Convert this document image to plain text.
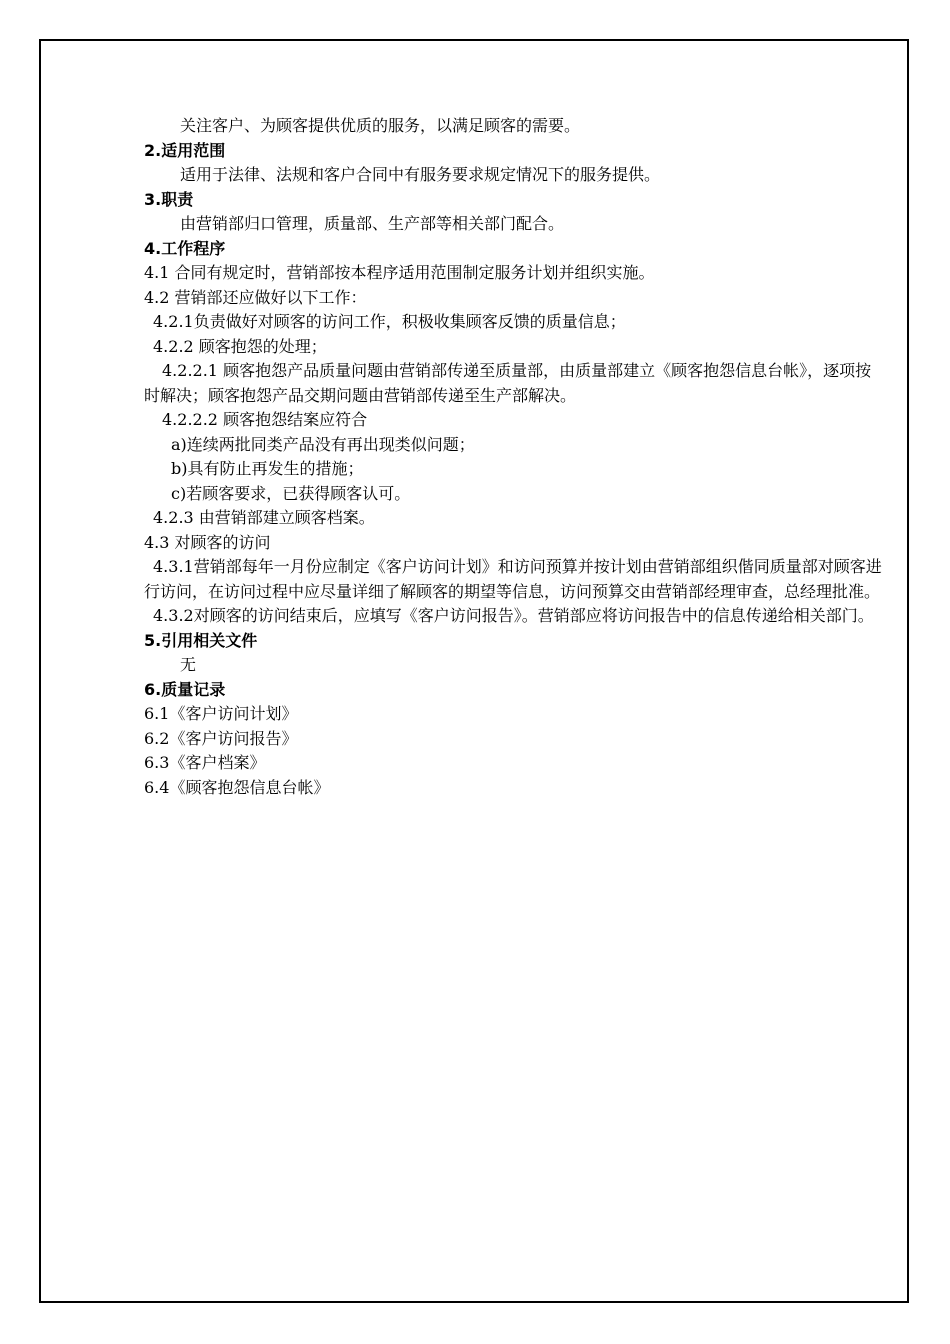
关注客户、为顾客提供优质的服务，以满足顾客的需要。
2.适用范围
适用于法律、法规和客户合同中有服务要求规定情况下的服务提供。
3.职责
由营销部归口管理，质量部、生产部等相关部门配合。
4.工作程序
4.1 合同有规定时，营销部按本程序适用范围制定服务计划并组织实施。
4.2 营销部还应做好以下工作：
4.2.1负责做好对顾客的访问工作，积极收集顾客反馈的质量信息；
4.2.2 顾客抱怨的处理；
4.2.2.1 顾客抱怨产品质量问题由营销部传递至质量部，由质量部建立《顾客抱怨信息台帐》，逐项按时解决；顾客抱怨产品交期问题由营销部传递至生产部解决。
4.2.2.2 顾客抱怨结案应符合
a)连续两批同类产品没有再出现类似问题；
b)具有防止再发生的措施；
c)若顾客要求，已获得顾客认可。
4.2.3 由营销部建立顾客档案。
4.3 对顾客的访问
4.3.1营销部每年一月份应制定《客户访问计划》和访问预算并按计划由营销部组织偕同质量部对顾客进行访问，在访问过程中应尽量详细了解顾客的期望等信息，访问预算交由营销部经理审查，总经理批准。
4.3.2对顾客的访问结束后，应填写《客户访问报告》。营销部应将访问报告中的信息传递给相关部门。
5.引用相关文件
无
6.质量记录
6.1《客户访问计划》
6.2《客户访问报告》
6.3《客户档案》
6.4《顾客抱怨信息台帐》
